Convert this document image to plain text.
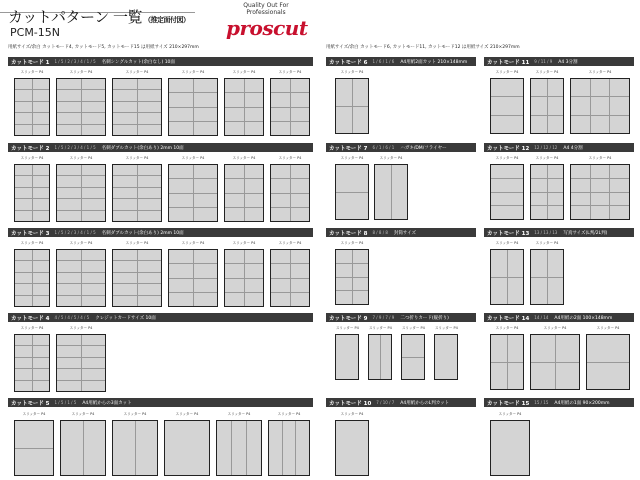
カットパターン 一覧 （推定面付図）
PCM-15N
Quality Out For Professionals
proscut
用紙サイズ/余白 カットモード4, カットモード5, カットモード15 は用紙サイズ 210×297mm	用紙サイズ/余白 カットモード6, カットモード11, カットモード12 は用紙サイズ 210×297mm
カットモード 1	1 / 5 / 2 / 3 / 4 / 1 / 5	名刺シングルカット(余白なし) 10面
カットモード 2	1 / 5 / 2 / 3 / 4 / 1 / 5	名刺ダブルカット(余白あり) 2mm 10面
カットモード 3	1 / 5 / 2 / 3 / 4 / 1 / 5	名刺ダブルカット(余白あり) 2mm 10面
カットモード 4	4 / 5 / 4 / 5 / 4 / 5	クレジットカードサイズ 10面
カットモード 5	1 / 5 / 1 / 5	A4用紙からの3面カット
カットモード 6	1 / 6 / 1 / 6	A4用紙2面カット 210×148mm
カットモード 7	6 / 1 / 6 / 1	ハガキ/DM/フライヤー
カットモード 8	8 / 8 / 8	封筒サイズ
カットモード 9	7 / 9 / 7 / 9	二つ折りカード(縦折り)
カットモード 10	7 / 10 / 7	A4用紙からのL判カット
カットモード 11	9 / 11 / 9	A4 3分割
カットモード 12	12 / 12 / 12	A4 4分割
カットモード 13	13 / 13 / 13	写真サイズ(L判/2L判)
カットモード 14	14 / 14	A4用紙の2面 100×148mm
カットモード 15	15 / 15	A4用紙の1面 90×200mm
スリッター P4	スリッター P4	スリッター P4	スリッター P4	スリッター P4	スリッター P4
スリッター P4	スリッター P4	スリッター P4	スリッター P4	スリッター P4	スリッター P4
スリッター P4	スリッター P4	スリッター P4	スリッター P4	スリッター P4	スリッター P4
スリッター P4	スリッター P4
スリッター P4	スリッター P4	スリッター P4	スリッター P4	スリッター P4	スリッター P4
スリッター P4
スリッター P4	スリッター P4
スリッター P4
スリッター P4	スリッター P4	スリッター P4	スリッター P4
スリッター P4
スリッター P4	スリッター P4	スリッター P4
スリッター P4	スリッター P4	スリッター P4
スリッター P4	スリッター P4
スリッター P4	スリッター P4	スリッター P4
スリッター P4
